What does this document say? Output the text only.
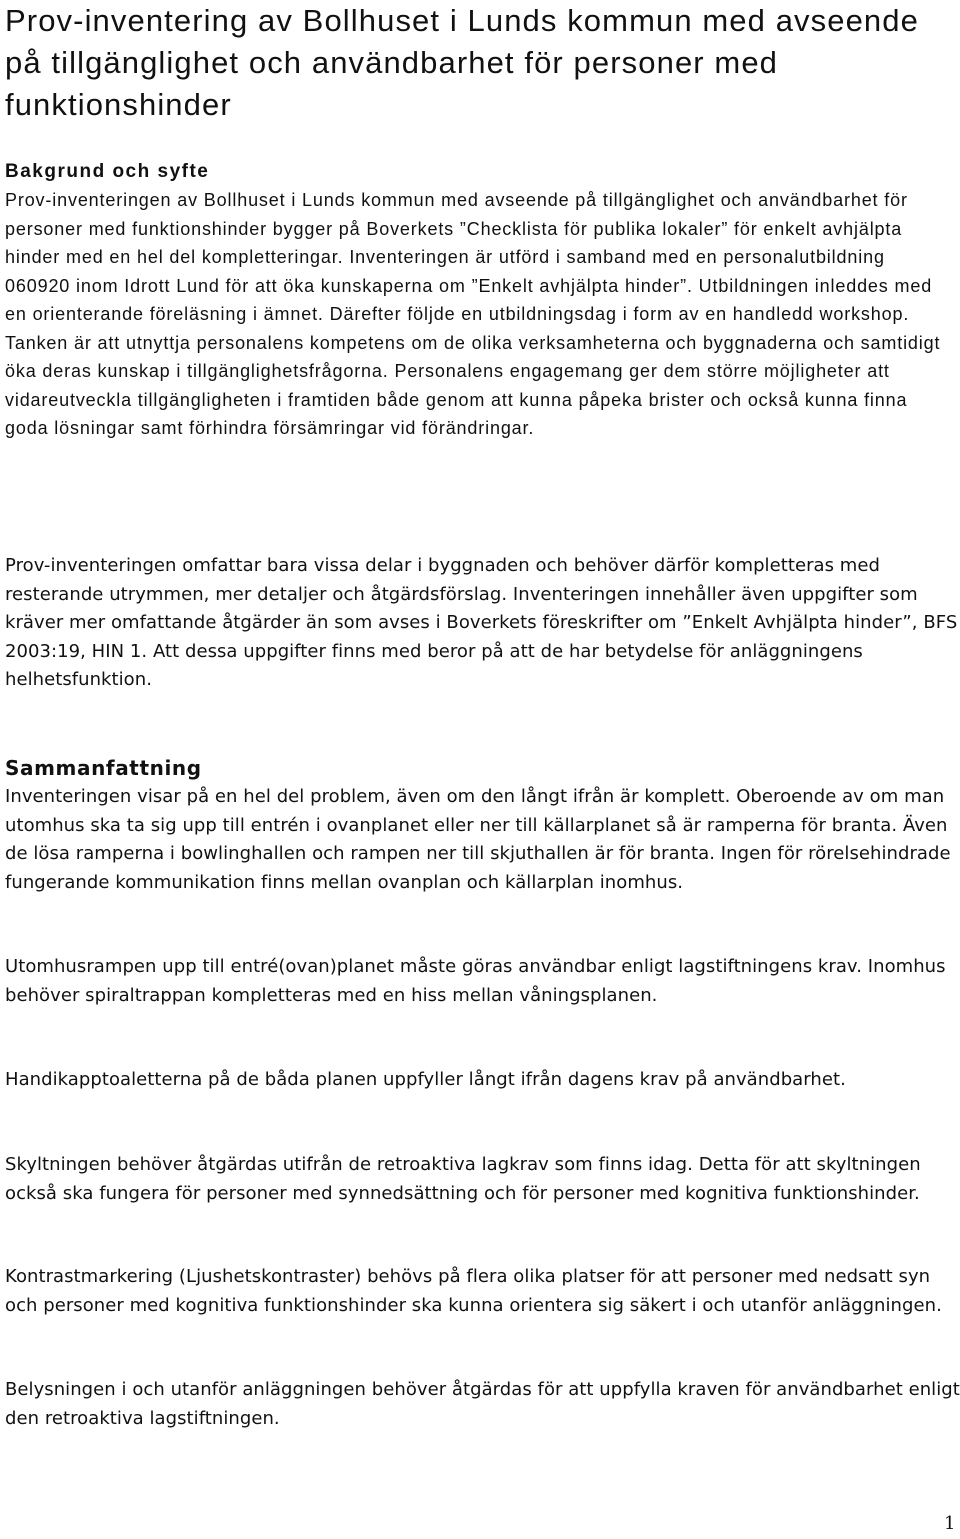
Prov-inventering av Bollhuset i Lunds kommun med avseende på tillgänglighet och användbarhet för personer med funktionshinder
Bakgrund och syfte

Prov-inventeringen av Bollhuset i Lunds kommun med avseende på tillgänglighet och användbarhet för personer med funktionshinder bygger på Boverkets ”Checklista för publika lokaler” för enkelt avhjälpta hinder med en hel del kompletteringar. Inventeringen är utförd i samband med en personalutbildning 060920 inom Idrott Lund för att öka kunskaperna om ”Enkelt avhjälpta hinder”. Utbildningen inleddes med en orienterande föreläsning i ämnet. Därefter följde en utbildningsdag i form av en handledd workshop. Tanken är att utnyttja personalens kompetens om de olika verksamheterna och byggnaderna och samtidigt öka deras kunskap i tillgänglighetsfrågorna. Personalens engagemang ger dem större möjligheter att vidareutveckla tillgängligheten i framtiden både genom att kunna påpeka brister och också kunna finna goda lösningar samt förhindra försämringar vid förändringar.

Prov-inventeringen omfattar bara vissa delar i byggnaden och behöver därför kompletteras med resterande utrymmen, mer detaljer och åtgärdsförslag. Inventeringen innehåller även uppgifter som kräver mer omfattande åtgärder än som avses i Boverkets föreskrifter om ”Enkelt Avhjälpta hinder”, BFS 2003:19, HIN 1. Att dessa uppgifter finns med beror på att de har betydelse för anläggningens helhetsfunktion.

Sammanfattning

Inventeringen visar på en hel del problem, även om den långt ifrån är komplett. Oberoende av om man utomhus ska ta sig upp till entrén i ovanplanet eller ner till källarplanet så är ramperna för branta. Även de lösa ramperna i bowlinghallen och rampen ner till skjuthallen är för branta. Ingen för rörelsehindrade fungerande kommunikation finns mellan ovanplan och källarplan inomhus.

Utomhusrampen upp till entré(ovan)planet måste göras användbar enligt lagstiftningens krav. Inomhus behöver spiraltrappan kompletteras med en hiss mellan våningsplanen.

Handikapptoaletterna på de båda planen uppfyller långt ifrån dagens krav på användbarhet.

Skyltningen behöver åtgärdas utifrån de retroaktiva lagkrav som finns idag. Detta för att skyltningen också ska fungera för personer med synnedsättning och för personer med kognitiva funktionshinder.

Kontrastmarkering (Ljushetskontraster) behövs på flera olika platser för att personer med nedsatt syn och personer med kognitiva funktionshinder ska kunna orientera sig säkert i och utanför anläggningen.

Belysningen i och utanför anläggningen behöver åtgärdas för att uppfylla kraven för användbarhet enligt den retroaktiva lagstiftningen.

1
